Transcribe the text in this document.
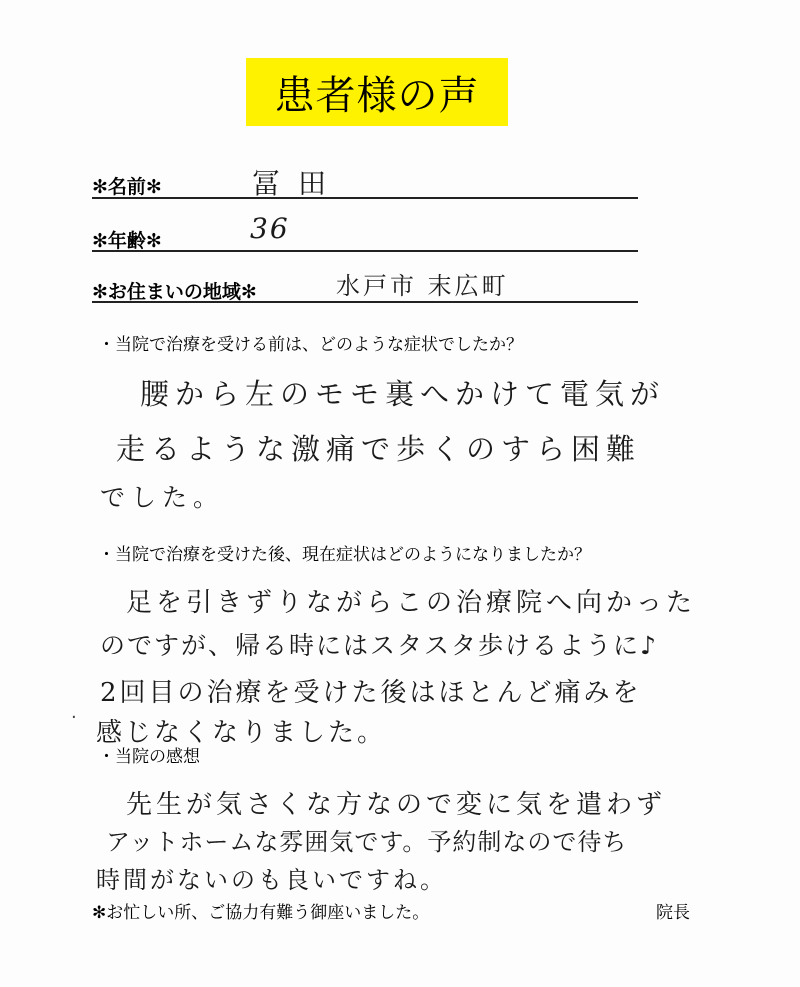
患者様の声
✻名前✻	冨田
✻年齢✻	36
✻お住まいの地域✻	水戸市 末広町
・当院で治療を受ける前は、どのような症状でしたか？
腰から左のモモ裏へかけて電気が
走るような激痛で歩くのすら困難
でした。
・当院で治療を受けた後、現在症状はどのようになりましたか？
足を引きずりながらこの治療院へ向かった
のですが、帰る時にはスタスタ歩けるように♪
2回目の治療を受けた後はほとんど痛みを
感じなくなりました。
·
・当院の感想
先生が気さくな方なので変に気を遣わず
アットホームな雰囲気です。予約制なので待ち
時間がないのも良いですね。
✻お忙しい所、ご協力有難う御座いました。	院長
